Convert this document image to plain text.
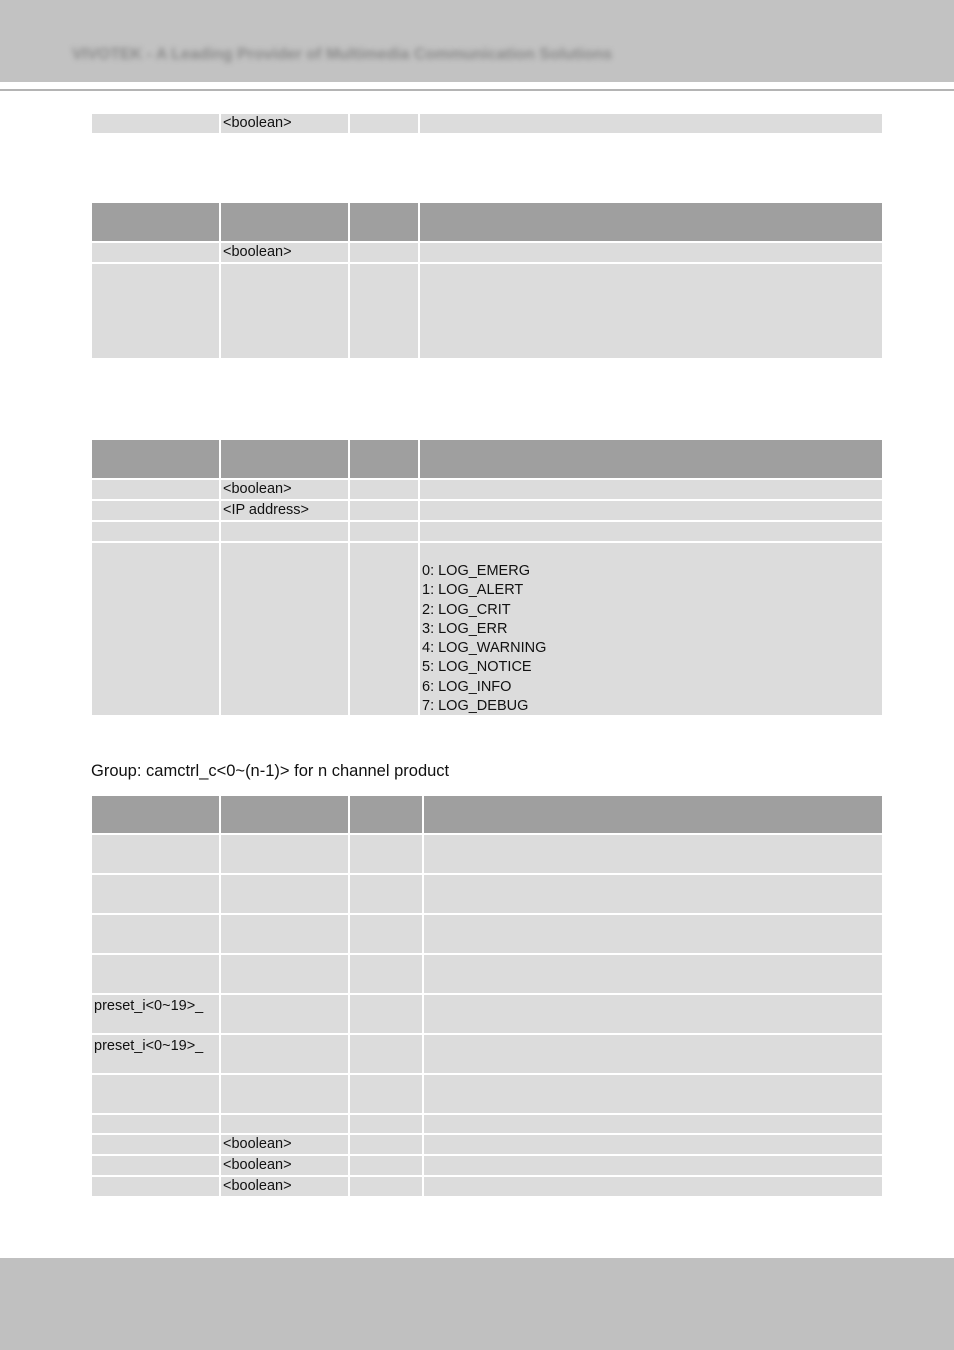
VIVOTEK - A Leading Provider of Multimedia Communication Solutions
<boolean>
<boolean>
<boolean>
<IP address>
0: LOG_EMERG
1: LOG_ALERT
2: LOG_CRIT
3: LOG_ERR
4: LOG_WARNING
5: LOG_NOTICE
6: LOG_INFO
7: LOG_DEBUG
Group: camctrl_c<0~(n-1)> for n channel product
preset_i<0~19>_
preset_i<0~19>_
<boolean>
<boolean>
<boolean>
